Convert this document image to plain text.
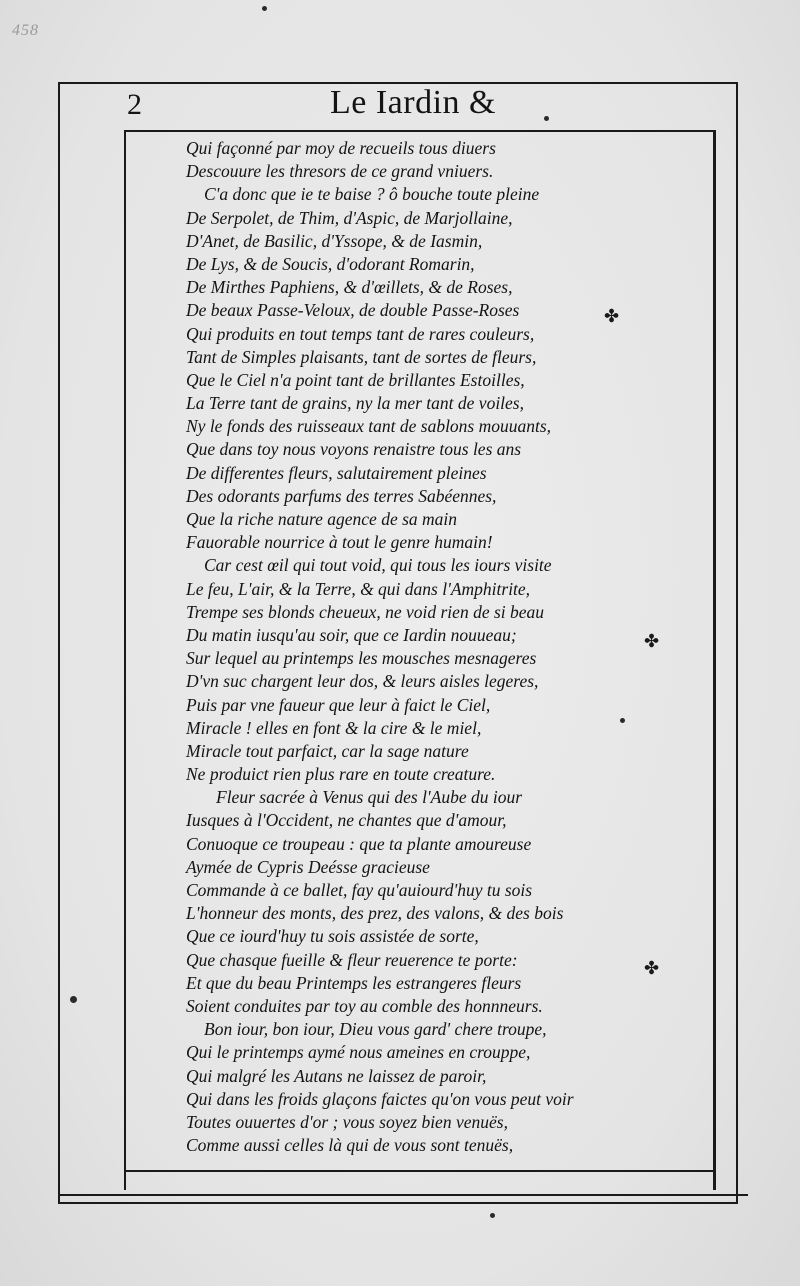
458
2	Le Iardin &
Qui façonné par moy de recueils tous diuers
Descouure les thresors de ce grand vniuers.
C'a donc que ie te baise ? ô bouche toute pleine
De Serpolet, de Thim, d'Aspic, de Marjollaine,
D'Anet, de Basilic, d'Yssope, & de Iasmin,
De Lys, & de Soucis, d'odorant Romarin,
De Mirthes Paphiens, & d'œillets, & de Roses,
De beaux Passe-Veloux, de double Passe-Roses
Qui produits en tout temps tant de rares couleurs,
Tant de Simples plaisants, tant de sortes de fleurs,
Que le Ciel n'a point tant de brillantes Estoilles,
La Terre tant de grains, ny la mer tant de voiles,
Ny le fonds des ruisseaux tant de sablons mouuants,
Que dans toy nous voyons renaistre tous les ans
De differentes fleurs, salutairement pleines
Des odorants parfums des terres Sabéennes,
Que la riche nature agence de sa main
Fauorable nourrice à tout le genre humain!
Car cest œil qui tout void, qui tous les iours visite
Le feu, L'air, & la Terre, & qui dans l'Amphitrite,
Trempe ses blonds cheueux, ne void rien de si beau
Du matin iusqu'au soir, que ce Iardin nouueau;
Sur lequel au printemps les mousches mesnageres
D'vn suc chargent leur dos, & leurs aisles legeres,
Puis par vne faueur que leur à faict le Ciel,
Miracle ! elles en font & la cire & le miel,
Miracle tout parfaict, car la sage nature
Ne produict rien plus rare en toute creature.
Fleur sacrée à Venus qui des l'Aube du iour
Iusques à l'Occident, ne chantes que d'amour,
Conuoque ce troupeau : que ta plante amoureuse
Aymée de Cypris Deésse gracieuse
Commande à ce ballet, fay qu'auiourd'huy tu sois
L'honneur des monts, des prez, des valons, & des bois
Que ce iourd'huy tu sois assistée de sorte,
Que chasque fueille & fleur reuerence te porte:
Et que du beau Printemps les estrangeres fleurs
Soient conduites par toy au comble des honnneurs.
Bon iour, bon iour, Dieu vous gard' chere troupe,
Qui le printemps aymé nous ameines en crouppe,
Qui malgré les Autans ne laissez de paroir,
Qui dans les froids glaçons faictes qu'on vous peut voir
Toutes ouuertes d'or ; vous soyez bien venuës,
Comme aussi celles là qui de vous sont tenuës,
✤
✤
✤
